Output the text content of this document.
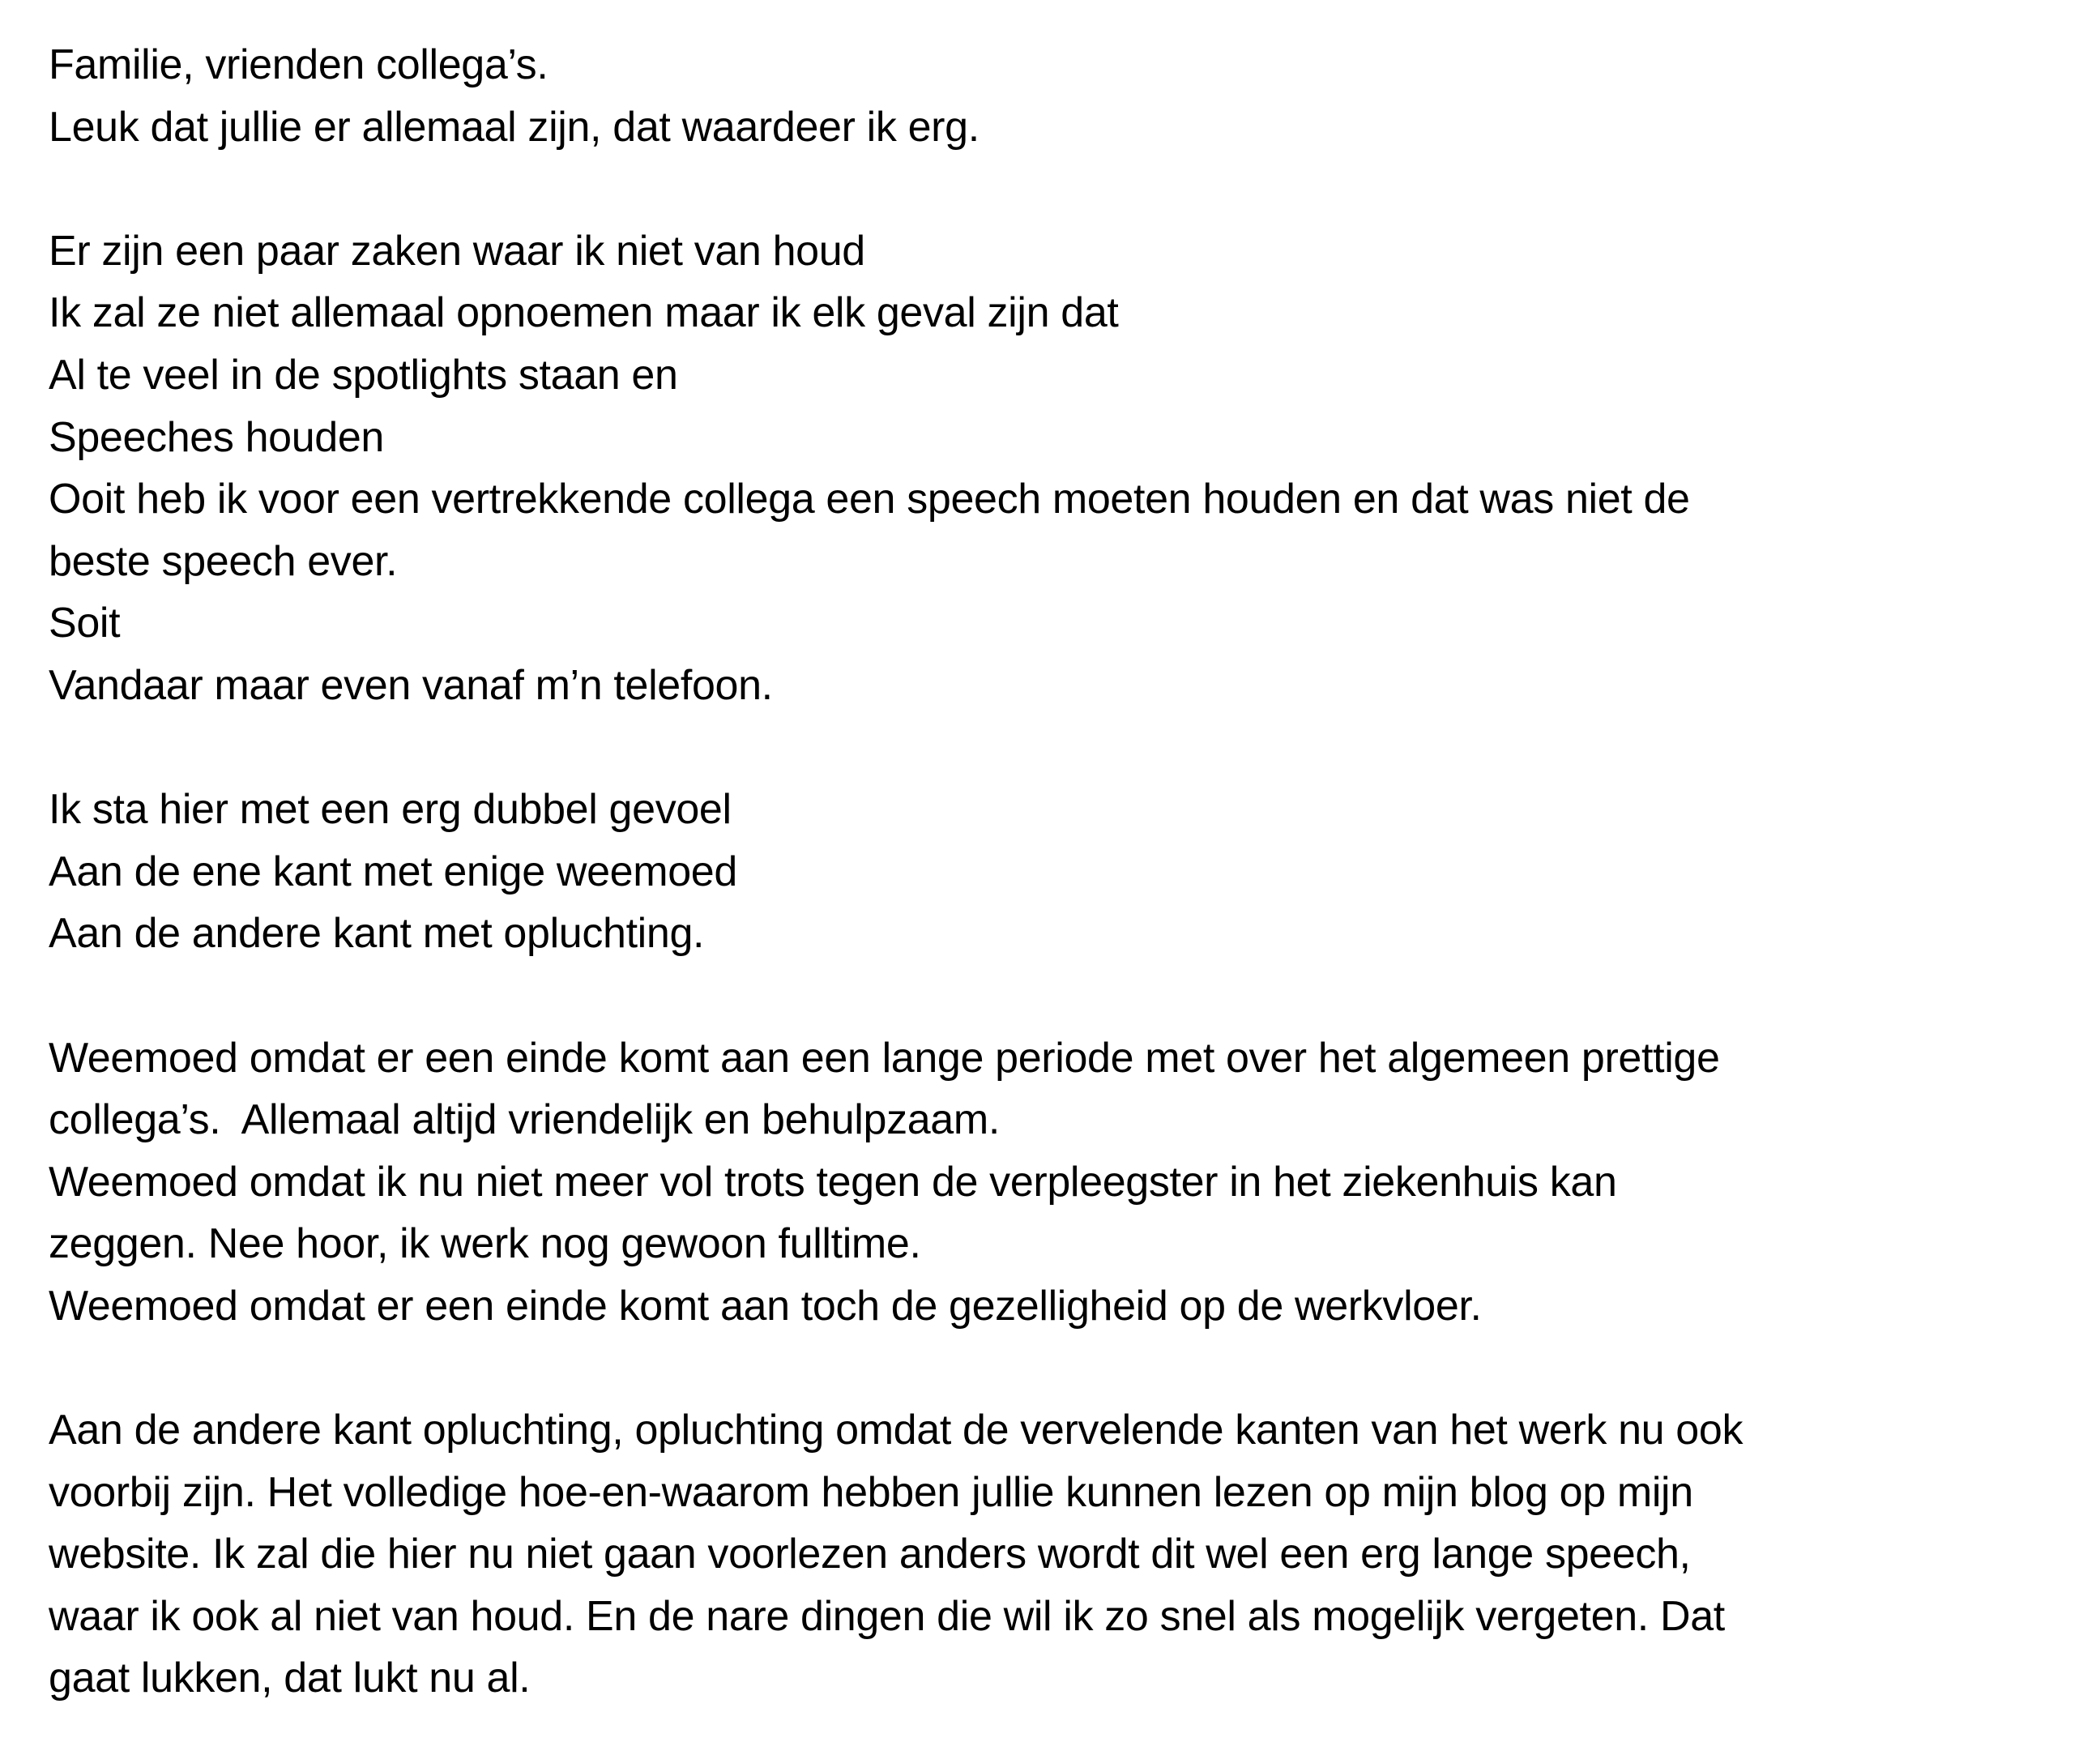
Familie, vrienden collega’s.
Leuk dat jullie er allemaal zijn, dat waardeer ik erg.
Er zijn een paar zaken waar ik niet van houd
Ik zal ze niet allemaal opnoemen maar ik elk geval zijn dat
Al te veel in de spotlights staan en
Speeches houden
Ooit heb ik voor een vertrekkende collega een speech moeten houden en dat was niet de
beste speech ever.
Soit
Vandaar maar even vanaf m’n telefoon.
Ik sta hier met een erg dubbel gevoel
Aan de ene kant met enige weemoed
Aan de andere kant met opluchting.
Weemoed omdat er een einde komt aan een lange periode met over het algemeen prettige
collega’s.  Allemaal altijd vriendelijk en behulpzaam.
Weemoed omdat ik nu niet meer vol trots tegen de verpleegster in het ziekenhuis kan
zeggen. Nee hoor, ik werk nog gewoon fulltime.
Weemoed omdat er een einde komt aan toch de gezelligheid op de werkvloer.
Aan de andere kant opluchting, opluchting omdat de vervelende kanten van het werk nu ook
voorbij zijn. Het volledige hoe-en-waarom hebben jullie kunnen lezen op mijn blog op mijn
website. Ik zal die hier nu niet gaan voorlezen anders wordt dit wel een erg lange speech,
waar ik ook al niet van houd. En de nare dingen die wil ik zo snel als mogelijk vergeten. Dat
gaat lukken, dat lukt nu al.
